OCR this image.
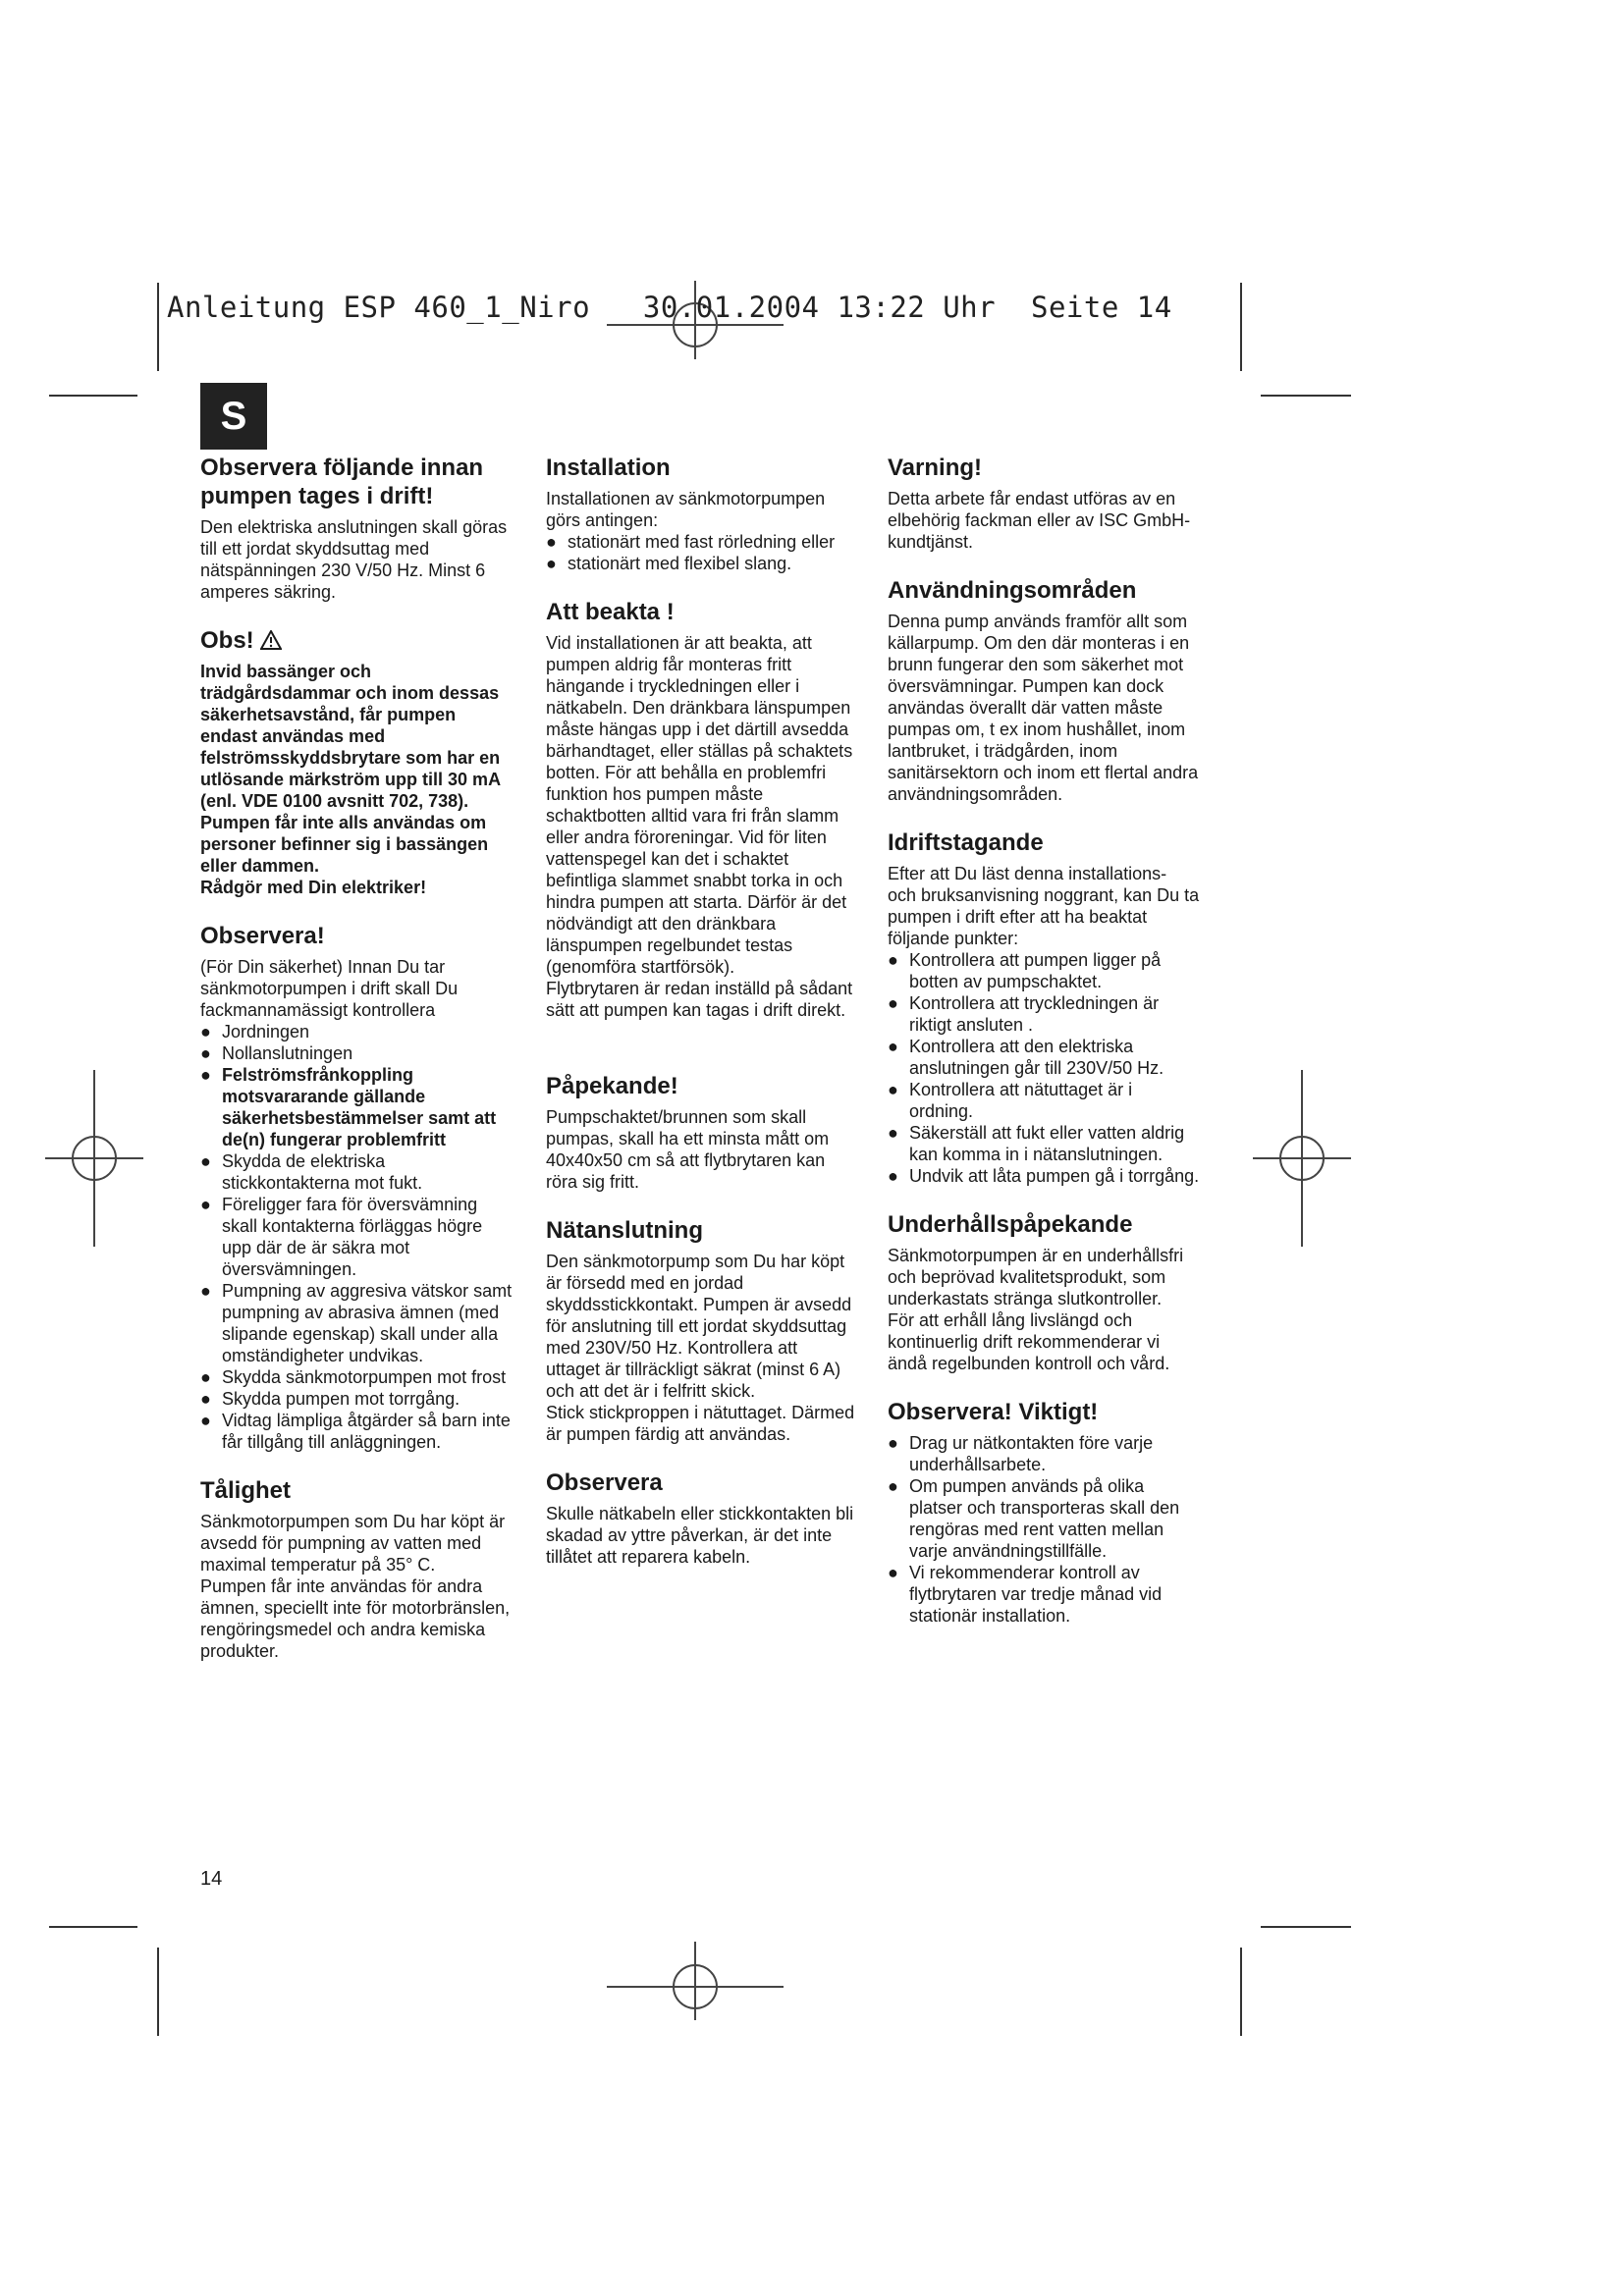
Anleitung ESP 460_1_Niro   30.01.2004 13:22 Uhr  Seite 14
S
Observera följande innan pumpen tages i drift!

Den elektriska anslutningen skall göras till ett jordat skyddsuttag med nätspänningen 230 V/50 Hz. Minst 6 amperes säkring.

Obs!

Invid bassänger och trädgårdsdammar och inom dessas säkerhetsavstånd, får pumpen endast användas med felströmsskyddsbrytare som har en utlösande märkström upp till 30 mA (enl. VDE 0100 avsnitt 702, 738). Pumpen får inte alls användas om personer befinner sig i bassängen eller dammen.

Rådgör med Din elektriker!

Observera!

(För Din säkerhet) Innan Du tar sänkmotorpumpen i drift skall Du fackmannamässigt kontrollera

● Jordningen
● Nollanslutningen
● Felströmsfrånkoppling motsvararande gällande säkerhetsbestämmelser samt att de(n) fungerar problemfritt
● Skydda de elektriska stickkontakterna mot fukt.
● Föreligger fara för översvämning skall kontakterna förläggas högre upp där de är säkra mot översvämningen.
● Pumpning av aggresiva vätskor samt pumpning av abrasiva ämnen (med slipande egenskap) skall under alla omständigheter undvikas.
● Skydda sänkmotorpumpen mot frost
● Skydda pumpen mot torrgång.
● Vidtag lämpliga åtgärder så barn inte får tillgång till anläggningen.
Tålighet

Sänkmotorpumpen som Du har köpt är avsedd för pumpning av vatten med maximal temperatur på 35° C.

Pumpen får inte användas för andra ämnen, speciellt inte för motorbränslen, rengöringsmedel och andra kemiska produkter.

Installation

Installationen av sänkmotorpumpen görs antingen:

● stationärt med fast rörledning eller
● stationärt med flexibel slang.
Att beakta !

Vid installationen är att beakta, att pumpen aldrig får monteras fritt hängande i tryckledningen eller i nätkabeln. Den dränkbara länspumpen måste hängas upp i det därtill avsedda bärhandtaget, eller ställas på schaktets botten. För att behålla en problemfri funktion hos pumpen måste schaktbotten alltid vara fri från slamm eller andra föroreningar. Vid för liten vattenspegel kan det i schaktet befintliga slammet snabbt torka in och hindra pumpen att starta. Därför är det nödvändigt att den dränkbara länspumpen regelbundet testas (genomföra startförsök).

Flytbrytaren är redan inställd på sådant sätt att pumpen kan tagas i drift direkt.

Påpekande!

Pumpschaktet/brunnen som skall pumpas, skall ha ett minsta mått om 40x40x50 cm så att flytbrytaren kan röra sig fritt.

Nätanslutning

Den sänkmotorpump som Du har köpt är försedd med en jordad skyddsstickkontakt. Pumpen är avsedd för anslutning till ett jordat skyddsuttag med 230V/50 Hz. Kontrollera att uttaget är tillräckligt säkrat (minst 6 A) och att det är i felfritt skick.

Stick stickproppen i nätuttaget. Därmed är pumpen färdig att användas.

Observera

Skulle nätkabeln eller stickkontakten bli skadad av yttre påverkan, är det inte tillåtet att reparera kabeln.

Varning!

Detta arbete får endast utföras av en elbehörig fackman eller av ISC GmbH-kundtjänst.

Användningsområden

Denna pump används framför allt som källarpump. Om den där monteras i en brunn fungerar den som säkerhet mot översvämningar. Pumpen kan dock användas överallt där vatten måste pumpas om, t ex inom hushållet, inom lantbruket, i trädgården, inom sanitärsektorn och inom ett flertal andra användningsområden.

Idriftstagande

Efter att Du läst denna installations- och bruksanvisning noggrant, kan Du ta pumpen i drift efter att ha beaktat följande punkter:

● Kontrollera att pumpen ligger på botten av pumpschaktet.
● Kontrollera att tryckledningen är riktigt ansluten .
● Kontrollera att den elektriska anslutningen går till 230V/50 Hz.
● Kontrollera att nätuttaget är i ordning.
● Säkerställ att fukt eller vatten aldrig kan komma in i nätanslutningen.
● Undvik att låta pumpen gå i torrgång.
Underhållspåpekande

Sänkmotorpumpen är en underhållsfri och beprövad kvalitetsprodukt, som underkastats stränga slutkontroller.

För att erhåll lång livslängd och kontinuerlig drift rekommenderar vi ändå regelbunden kontroll och vård.

Observera! Viktigt!
● Drag ur nätkontakten före varje underhållsarbete.
● Om pumpen används på olika platser och transporteras skall den rengöras med rent vatten mellan varje användningstillfälle.
● Vi rekommenderar kontroll av flytbrytaren var tredje månad vid stationär installation.
14
